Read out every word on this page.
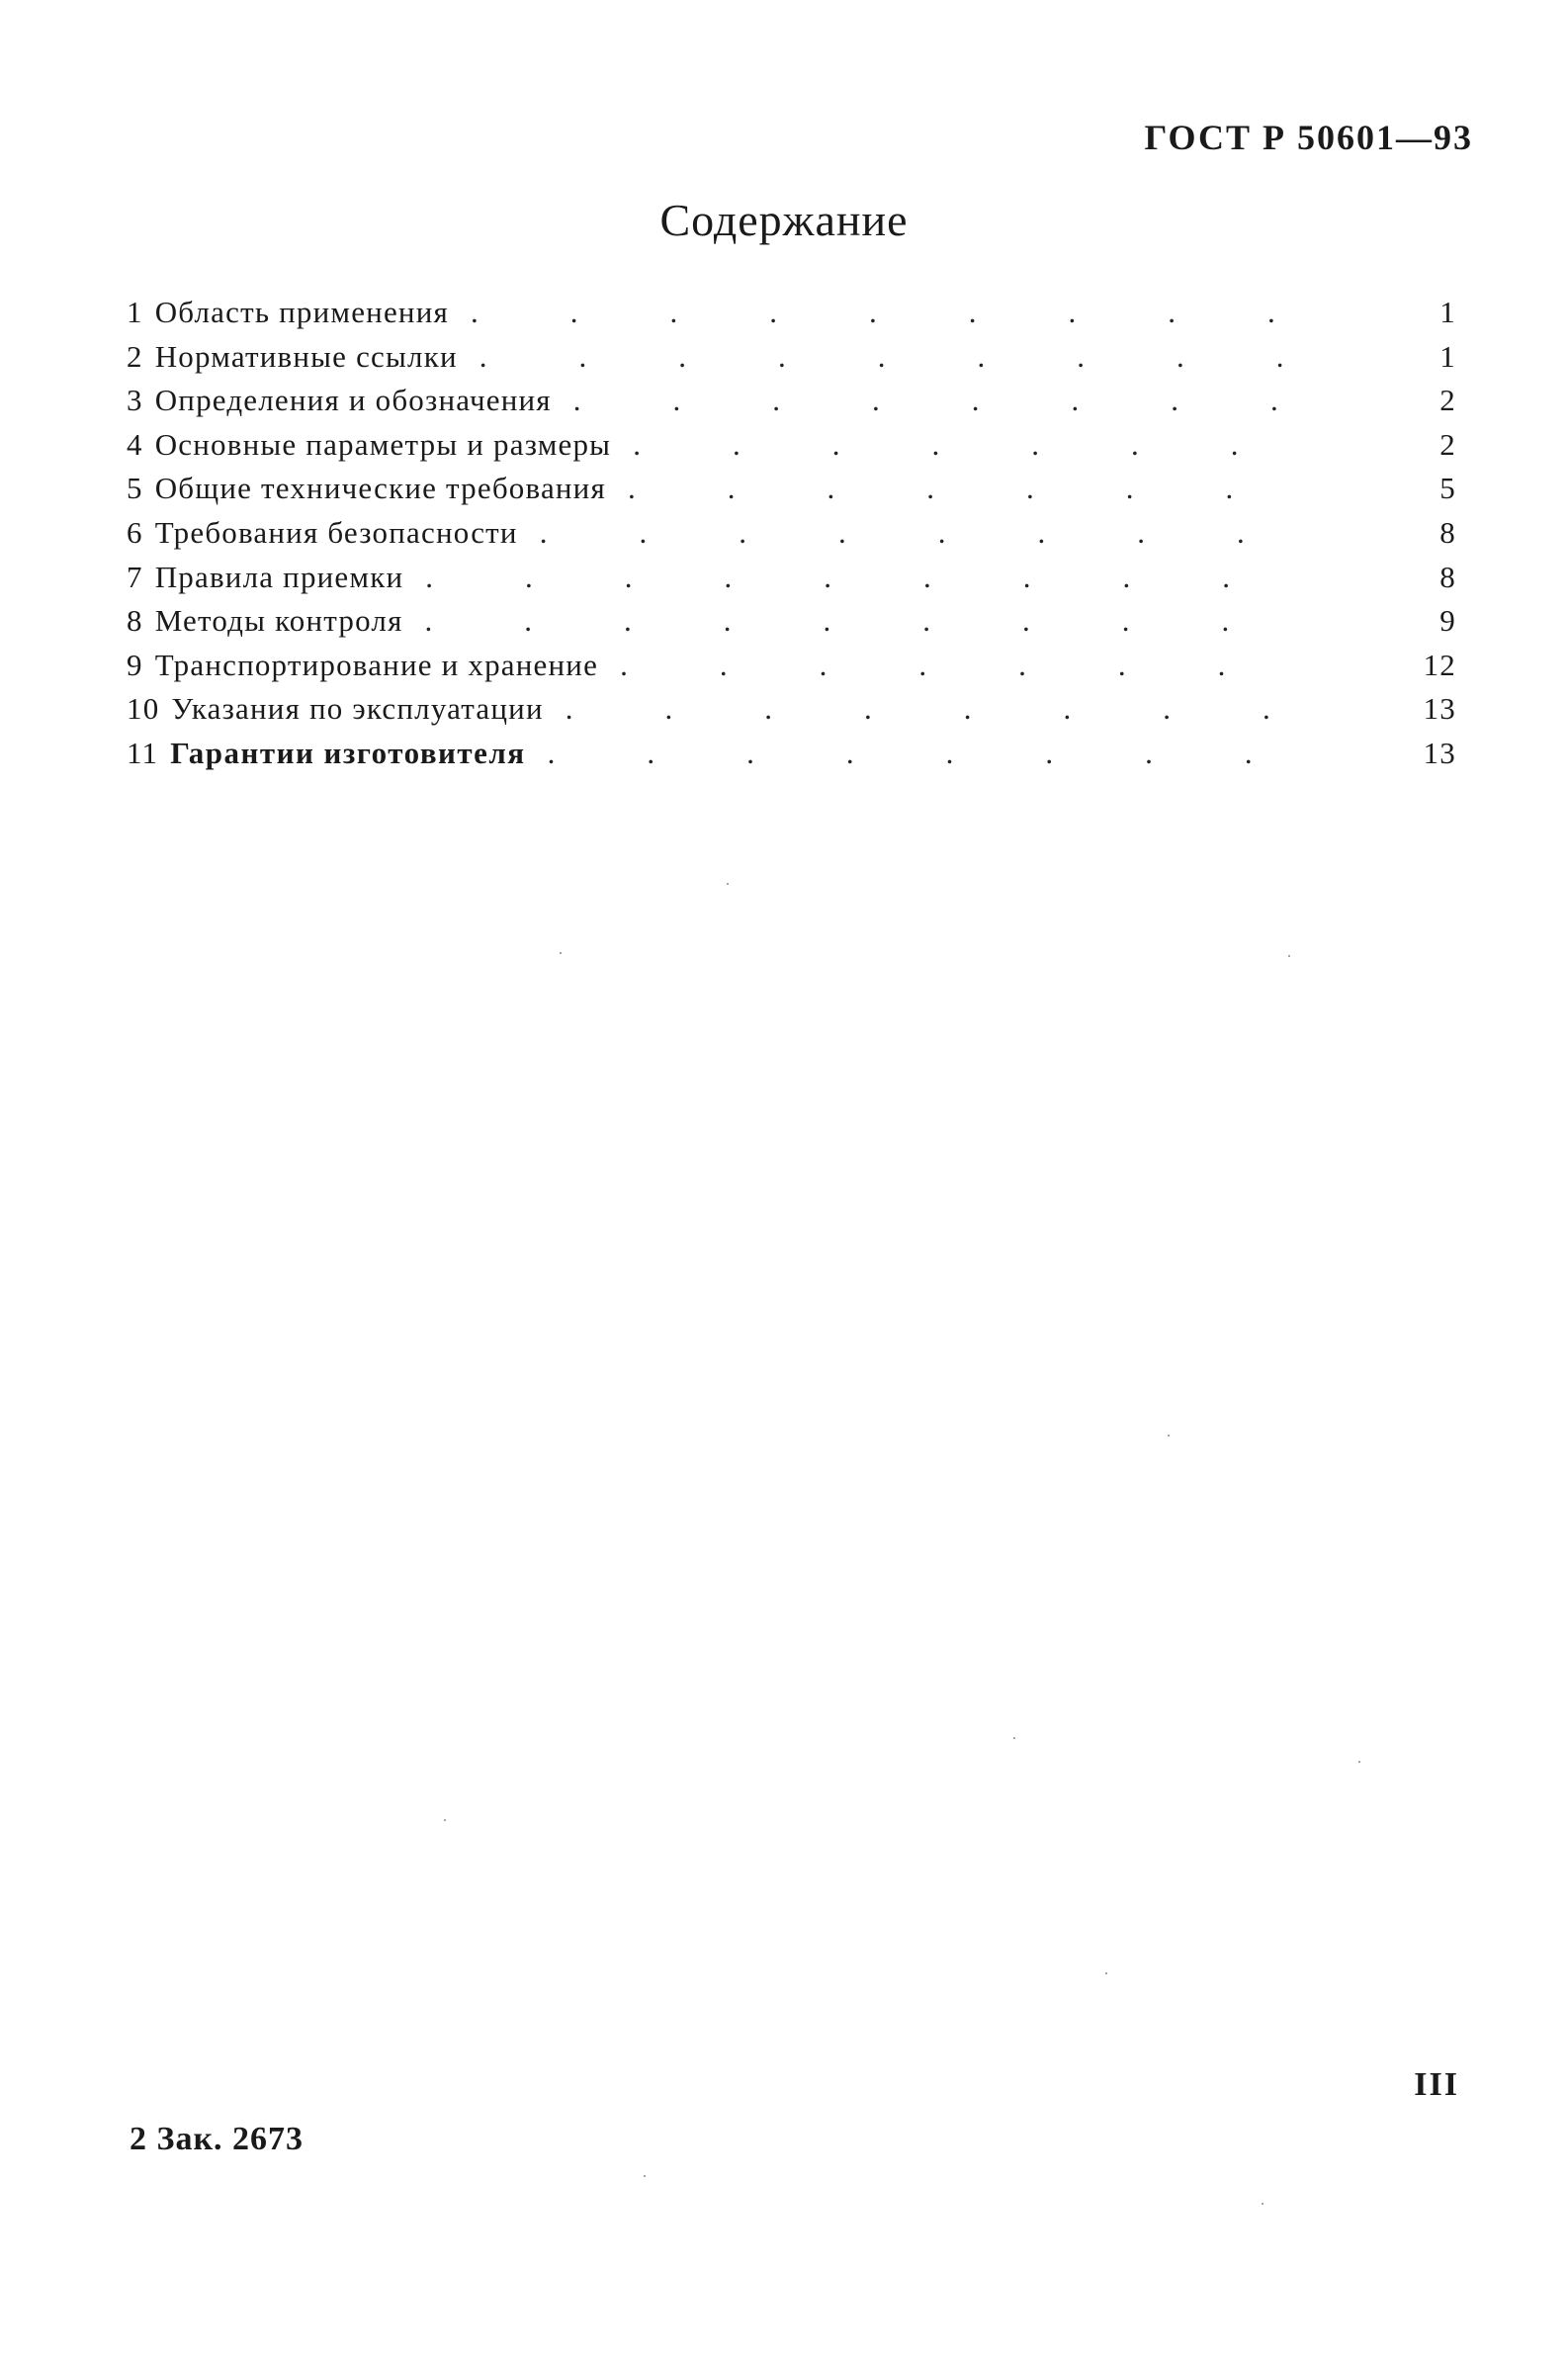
ГОСТ Р 50601—93
Содержание
1 Область применения .	1
2 Нормативные ссылки .	1
3 Определения и обозначения .	2
4 Основные параметры и размеры .	2
5 Общие технические требования .	5
6 Требования безопасности .	8
7 Правила приемки .	8
8 Методы контроля .	9
9 Транспортирование и хранение .	12
10 Указания по эксплуатации .	13
11 Гарантии изготовителя .	13
III
2 Зак. 2673
